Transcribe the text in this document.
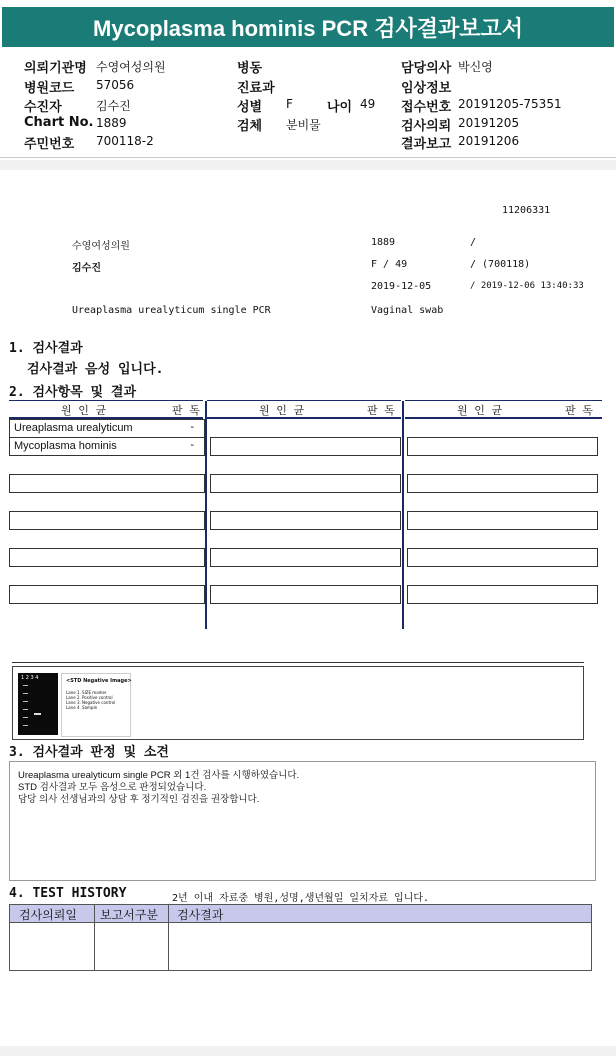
Mycoplasma hominis PCR 검사결과보고서
의뢰기관명 수영여성의원
병원코드 57056
수진자	김수진
Chart No. 1889
주민번호 700118-2
병동
진료과
성별 F	나이 49
검체 분비물
담당의사 박신영
임상정보
접수번호 20191205-75351
검사의뢰 20191205
결과보고 20191206
11206331
수영여성의원	1889	/
김수진	F / 49	/ (700118)
2019-12-05	/ 2019-12-06 13:40:33
Ureaplasma urealyticum single PCR	Vaginal swab
1. 검사결과
검사결과 음성 입니다.
2. 검사항목 및 결과
원 인 균	판 독	원 인 균	판 독	원 인 균	판 독
Ureaplasma urealyticum	-
Mycoplasma hominis	-
1 2 3 4	<STD Negative Image>
Lane 1. SIZE marker
Lane 2. Positive control
Lane 3. Negative control
Lane 4. Sample
3. 검사결과 판정 및 소견
Ureaplasma urealyticum single PCR 외 1건 검사를 시행하였습니다.
STD 검사결과 모두 음성으로 판정되었습니다.
담당 의사 선생님과의 상담 후 정기적인 검진을 권장합니다.
4. TEST HISTORY	2년 이내 자료중 병원,성명,생년월일 일치자료 입니다.
검사의뢰일 보고서구분 검사결과
